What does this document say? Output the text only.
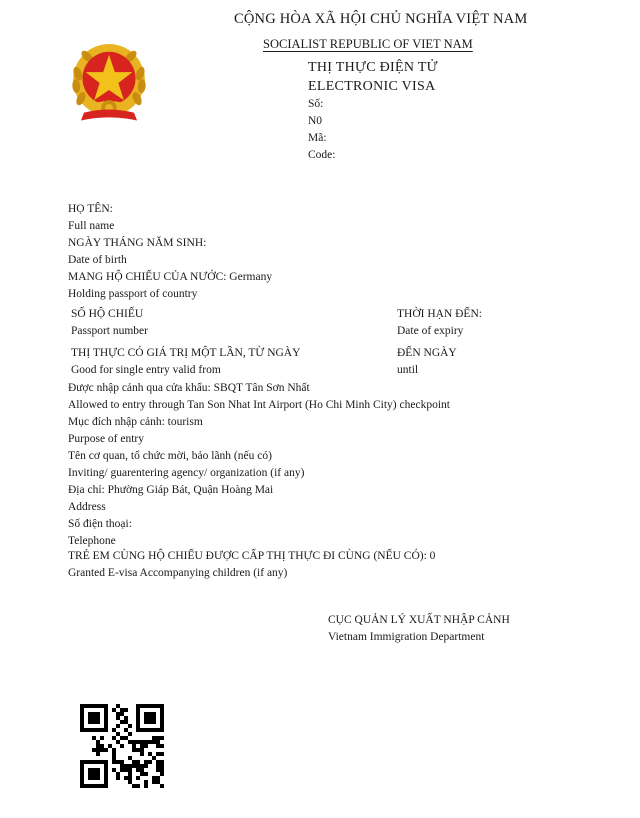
CỘNG HÒA XÃ HỘI CHỦ NGHĨA VIỆT NAM
SOCIALIST REPUBLIC OF VIET NAM
THỊ THỰC ĐIỆN TỬ
ELECTRONIC VISA
Số:
N0
Mã:
Code:
HỌ TÊN:
Full name
NGÀY THÁNG NĂM SINH:
Date of birth
MANG HỘ CHIẾU CỦA NƯỚC: Germany
Holding passport of country
SỐ HỘ CHIẾU
Passport number
THỜI HẠN ĐẾN:
Date of expiry
THỊ THỰC CÓ GIÁ TRỊ MỘT LẦN, TỪ NGÀY
Good for single entry valid from
ĐẾN NGÀY
until
Được nhập cảnh qua cửa khẩu: SBQT Tân Sơn Nhất
Allowed to entry through Tan Son Nhat Int Airport (Ho Chi Minh City) checkpoint
Mục đích nhập cảnh: tourism
Purpose of entry
Tên cơ quan, tổ chức mời, bảo lãnh (nếu có)
Inviting/ guarentering agency/ organization (if any)
Địa chỉ: Phường Giáp Bát, Quận Hoàng Mai
Address
Số điện thoại:
Telephone
TRẺ EM CÙNG HỘ CHIẾU ĐƯỢC CẤP THỊ THỰC ĐI CÙNG (NẾU CÓ): 0
Granted E-visa Accompanying children (if any)
CỤC QUẢN LÝ XUẤT NHẬP CẢNH
Vietnam Immigration Department
